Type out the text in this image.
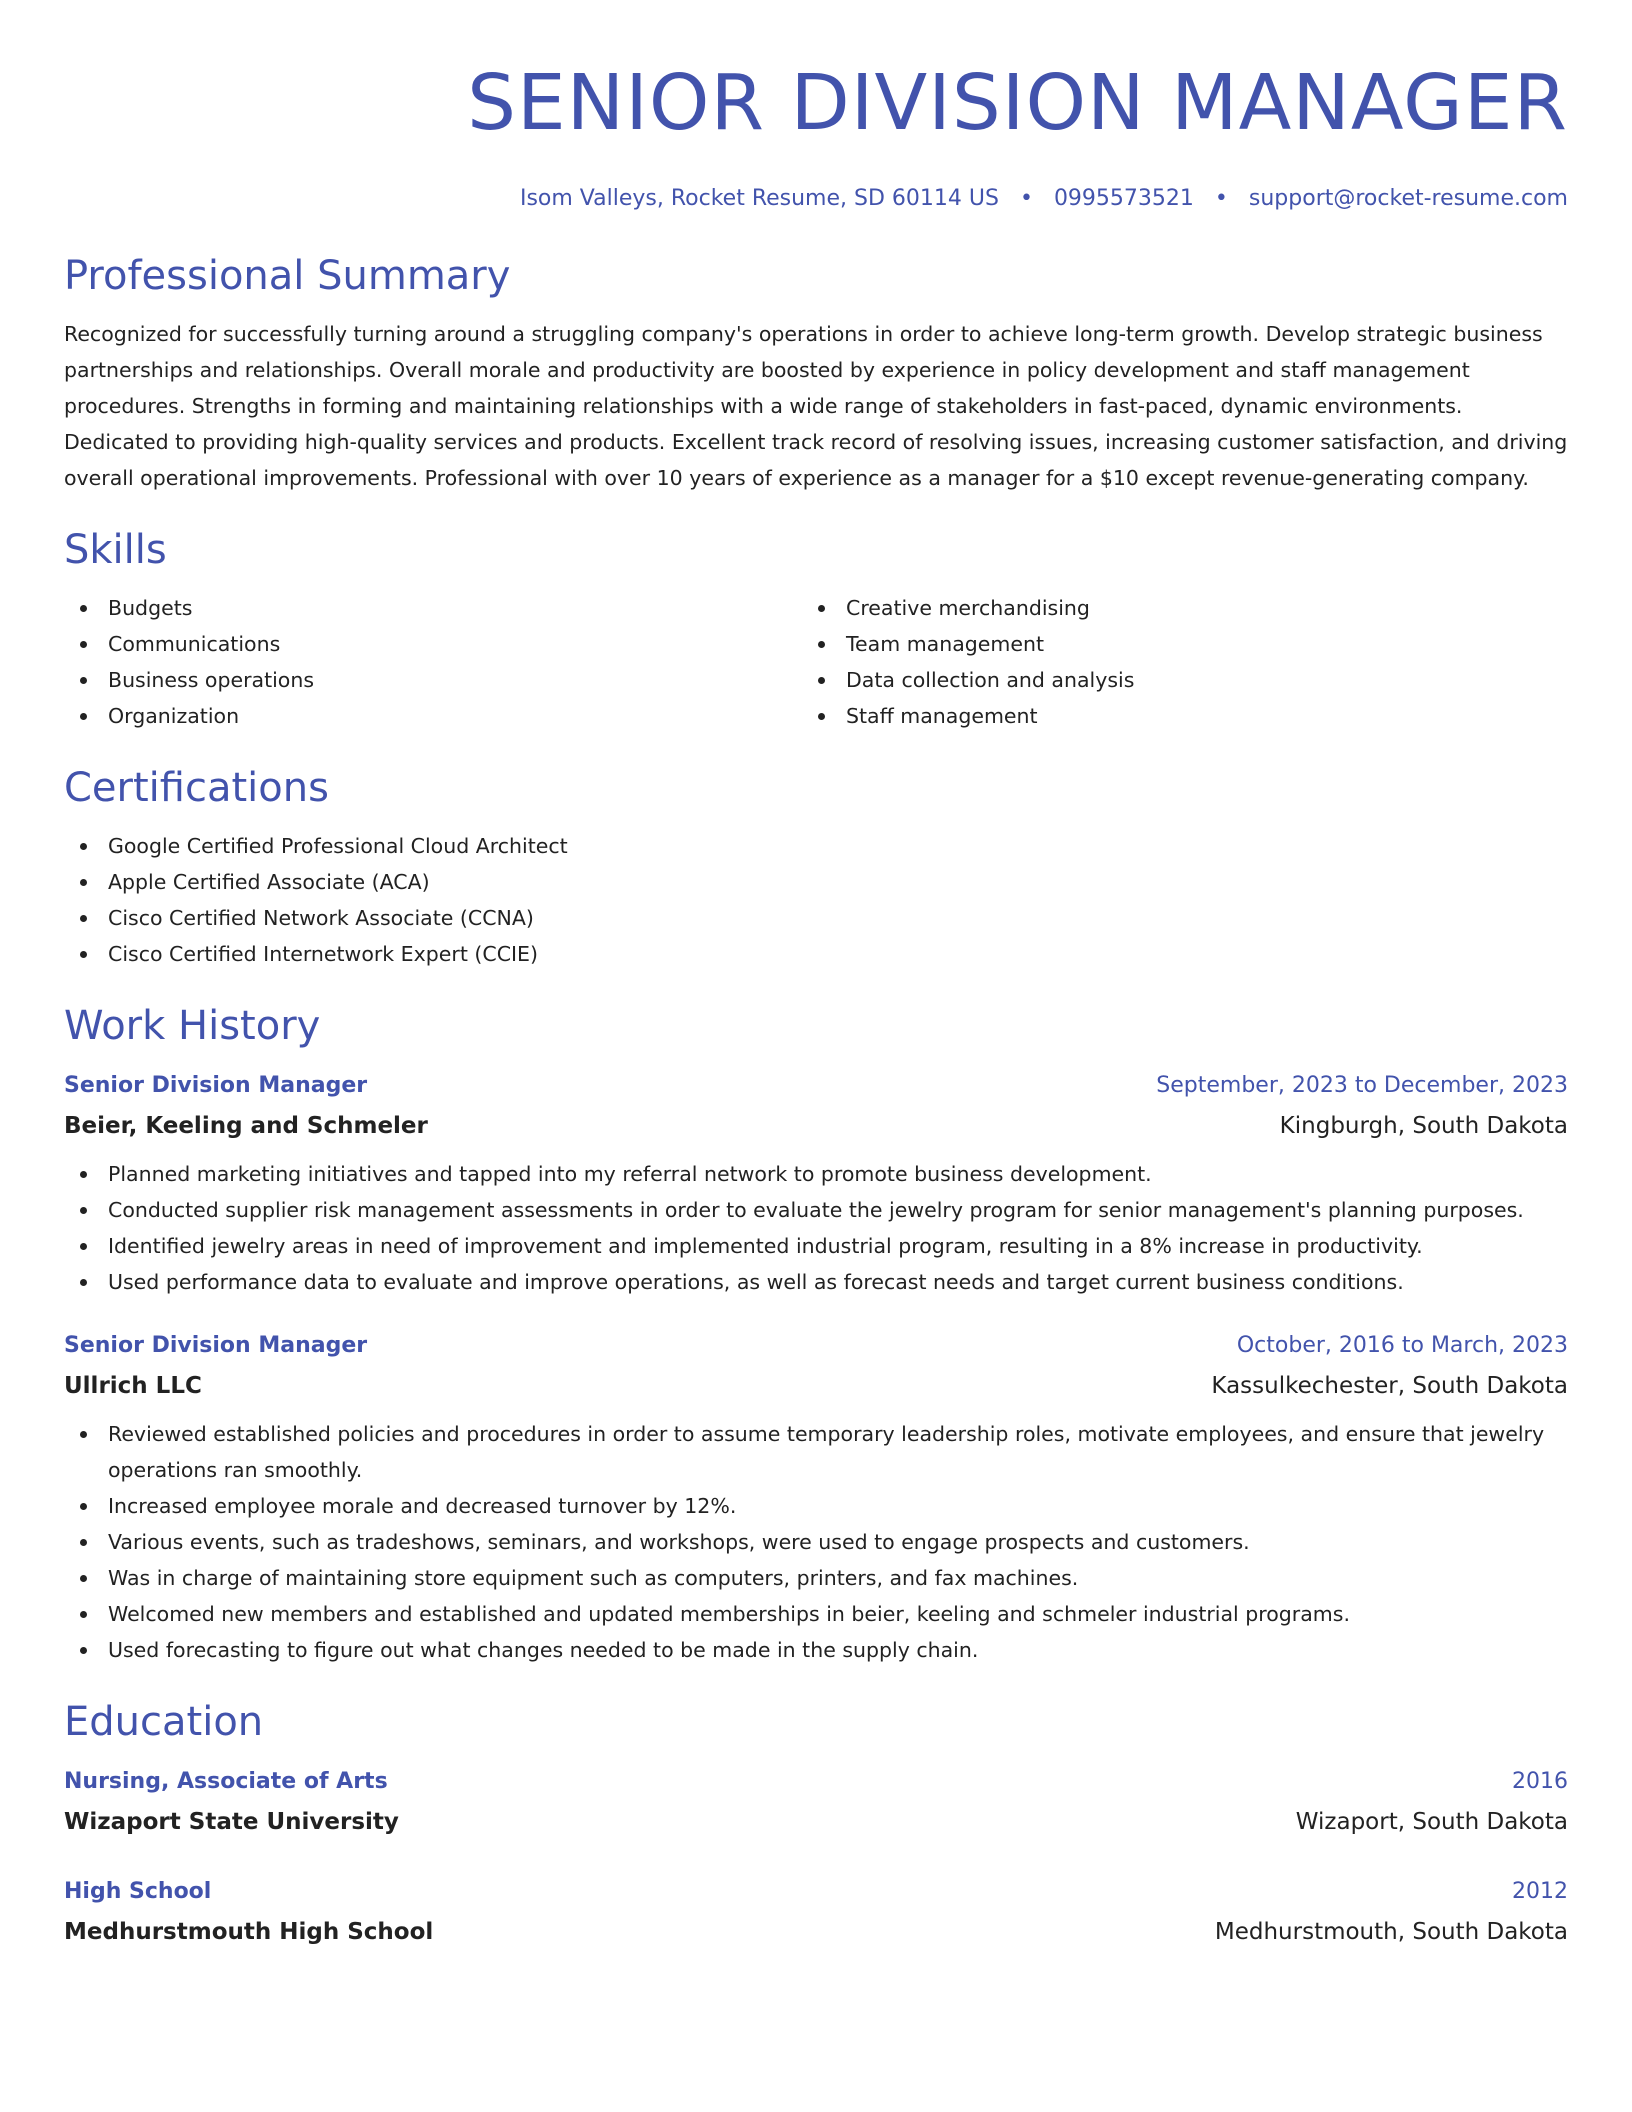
SENIOR DIVISION MANAGER
Isom Valleys, Rocket Resume, SD 60114 US • 0995573521 • support@rocket-resume.com
Professional Summary
Recognized for successfully turning around a struggling company's operations in order to achieve long-term growth. Develop strategic business partnerships and relationships. Overall morale and productivity are boosted by experience in policy development and staff management procedures. Strengths in forming and maintaining relationships with a wide range of stakeholders in fast-paced, dynamic environments. Dedicated to providing high-quality services and products. Excellent track record of resolving issues, increasing customer satisfaction, and driving overall operational improvements. Professional with over 10 years of experience as a manager for a $10 except revenue-generating company.
Skills
Budgets
Communications
Business operations
Organization
Creative merchandising
Team management
Data collection and analysis
Staff management
Certifications
Google Certified Professional Cloud Architect
Apple Certified Associate (ACA)
Cisco Certified Network Associate (CCNA)
Cisco Certified Internetwork Expert (CCIE)
Work History
Senior Division Manager	September, 2023 to December, 2023
Beier, Keeling and Schmeler	Kingburgh, South Dakota
Planned marketing initiatives and tapped into my referral network to promote business development.
Conducted supplier risk management assessments in order to evaluate the jewelry program for senior management's planning purposes.
Identified jewelry areas in need of improvement and implemented industrial program, resulting in a 8% increase in productivity.
Used performance data to evaluate and improve operations, as well as forecast needs and target current business conditions.
Senior Division Manager	October, 2016 to March, 2023
Ullrich LLC	Kassulkechester, South Dakota
Reviewed established policies and procedures in order to assume temporary leadership roles, motivate employees, and ensure that jewelry operations ran smoothly.
Increased employee morale and decreased turnover by 12%.
Various events, such as tradeshows, seminars, and workshops, were used to engage prospects and customers.
Was in charge of maintaining store equipment such as computers, printers, and fax machines.
Welcomed new members and established and updated memberships in beier, keeling and schmeler industrial programs.
Used forecasting to figure out what changes needed to be made in the supply chain.
Education
Nursing, Associate of Arts	2016
Wizaport State University	Wizaport, South Dakota
High School	2012
Medhurstmouth High School	Medhurstmouth, South Dakota
